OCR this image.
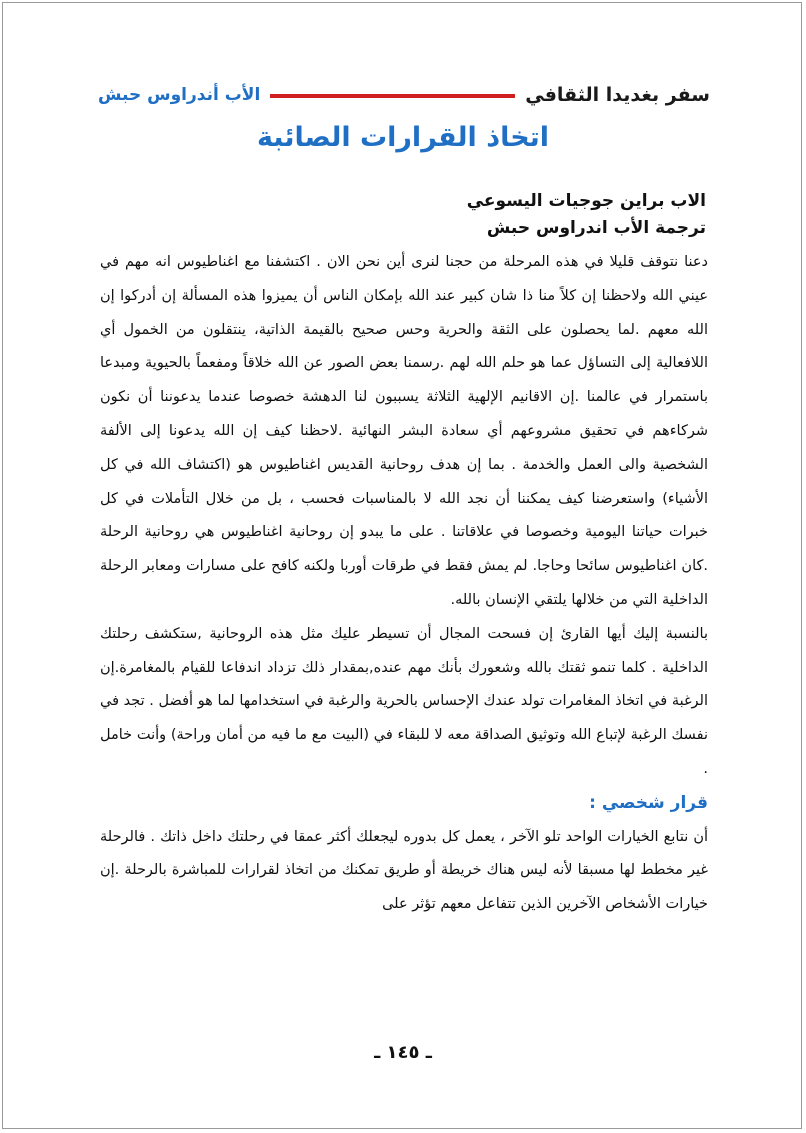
سفر بغديدا الثقافي
الأب أندراوس حبش
اتخاذ القرارات الصائبة
الاب براين جوجيات اليسوعي
ترجمة الأب اندراوس حبش

دعنا نتوقف قليلا في هذه المرحلة من حجنا لنرى أين نحن الان . اكتشفنا مع اغناطيوس انه مهم في عيني الله ولاحظنا إن كلاً منا ذا شان كبير عند الله بإمكان الناس أن يميزوا هذه المسألة إن أدركوا إن الله معهم .لما يحصلون على الثقة والحرية وحس صحيح بالقيمة الذاتية، ينتقلون من الخمول أي اللافعالية إلى التساؤل عما هو حلم الله لهم .رسمنا بعض الصور عن الله خلاقاً ومفعماً بالحيوية ومبدعا باستمرار في عالمنا .إن الاقانيم الإلهية الثلاثة يسببون لنا الدهشة خصوصا عندما يدعوننا أن نكون شركاءهم في تحقيق مشروعهم أي سعادة البشر النهائية .لاحظنا كيف إن الله يدعونا إلى الألفة الشخصية والى العمل والخدمة . بما إن هدف روحانية القديس اغناطيوس هو (اكتشاف الله في كل الأشياء) واستعرضنا كيف يمكننا أن نجد الله لا بالمناسبات فحسب ، بل من خلال التأملات في كل خبرات حياتنا اليومية وخصوصا في علاقاتنا . على ما يبدو إن روحانية اغناطيوس هي روحانية الرحلة .كان اغناطيوس سائحا وحاجا. لم يمش فقط في طرقات أوربا ولكنه كافح على مسارات ومعابر الرحلة الداخلية التي من خلالها يلتقي الإنسان بالله.

بالنسبة إليك أيها القارئ إن فسحت المجال أن تسيطر عليك مثل هذه الروحانية ,ستكشف رحلتك الداخلية . كلما تنمو ثقتك بالله وشعورك بأنك مهم عنده,بمقدار ذلك تزداد اندفاعا للقيام بالمغامرة.إن الرغبة في اتخاذ المغامرات تولد عندك الإحساس بالحرية والرغبة في استخدامها لما هو أفضل . تجد في نفسك الرغبة لإتباع الله وتوثيق الصداقة معه لا للبقاء في (البيت مع ما فيه من أمان وراحة) وأنت خامل .

قرار شخصي :

أن نتابع الخيارات الواحد تلو الآخر ، يعمل كل بدوره ليجعلك أكثر عمقا في رحلتك داخل ذاتك . فالرحلة غير مخطط لها مسبقا لأنه ليس هناك خريطة أو طريق تمكنك من اتخاذ لقرارات للمباشرة بالرحلة .إن خيارات الأشخاص الآخرين الذين تتفاعل معهم تؤثر على

ـ ١٤٥ ـ
